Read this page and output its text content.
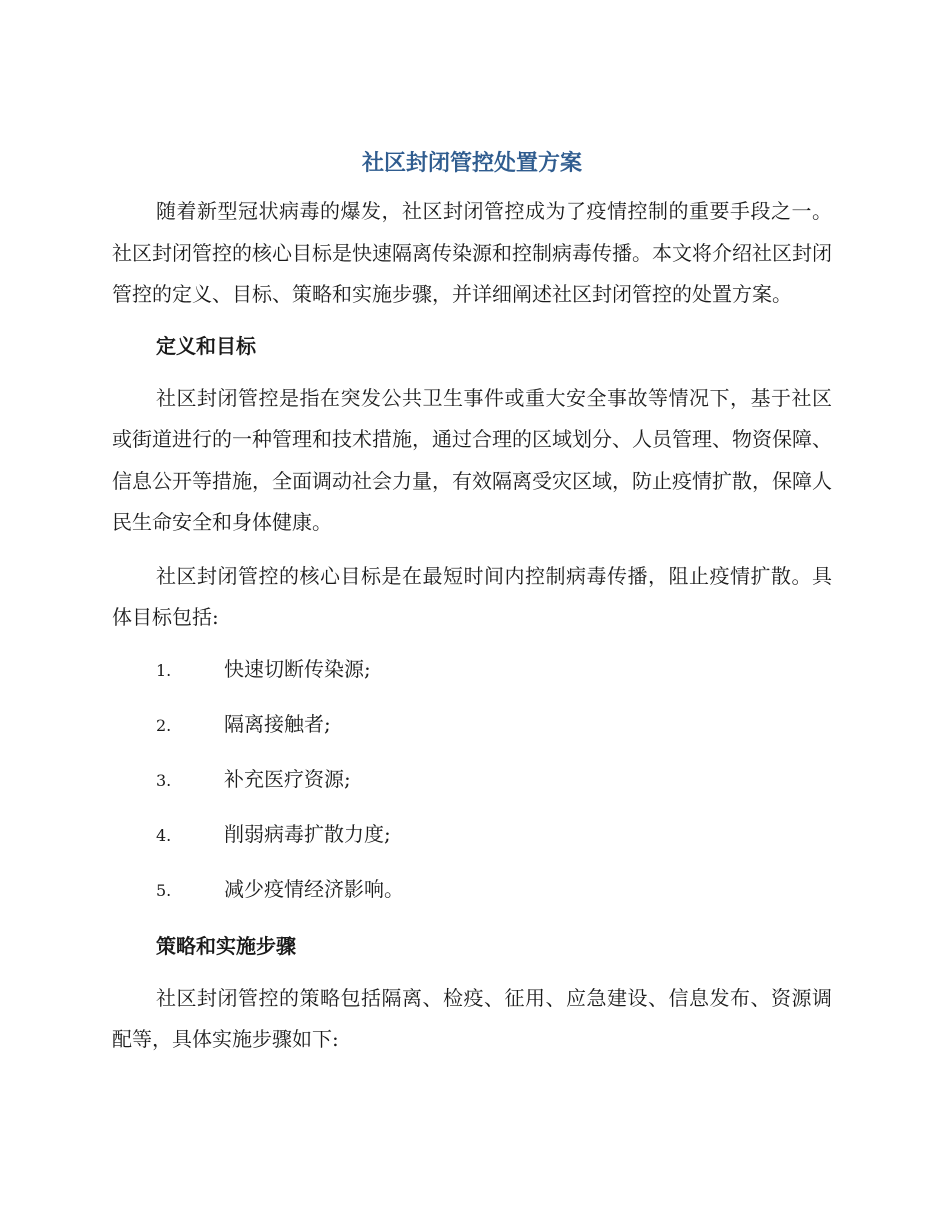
社区封闭管控处置方案

随着新型冠状病毒的爆发，社区封闭管控成为了疫情控制的重要手段之一。社区封闭管控的核心目标是快速隔离传染源和控制病毒传播。本文将介绍社区封闭管控的定义、目标、策略和实施步骤，并详细阐述社区封闭管控的处置方案。

定义和目标

社区封闭管控是指在突发公共卫生事件或重大安全事故等情况下，基于社区或街道进行的一种管理和技术措施，通过合理的区域划分、人员管理、物资保障、信息公开等措施，全面调动社会力量，有效隔离受灾区域，防止疫情扩散，保障人民生命安全和身体健康。

社区封闭管控的核心目标是在最短时间内控制病毒传播，阻止疫情扩散。具体目标包括:

1.	快速切断传染源;
2.	隔离接触者;
3.	补充医疗资源;
4.	削弱病毒扩散力度;
5.	减少疫情经济影响。
策略和实施步骤

社区封闭管控的策略包括隔离、检疫、征用、应急建设、信息发布、资源调配等，具体实施步骤如下:
